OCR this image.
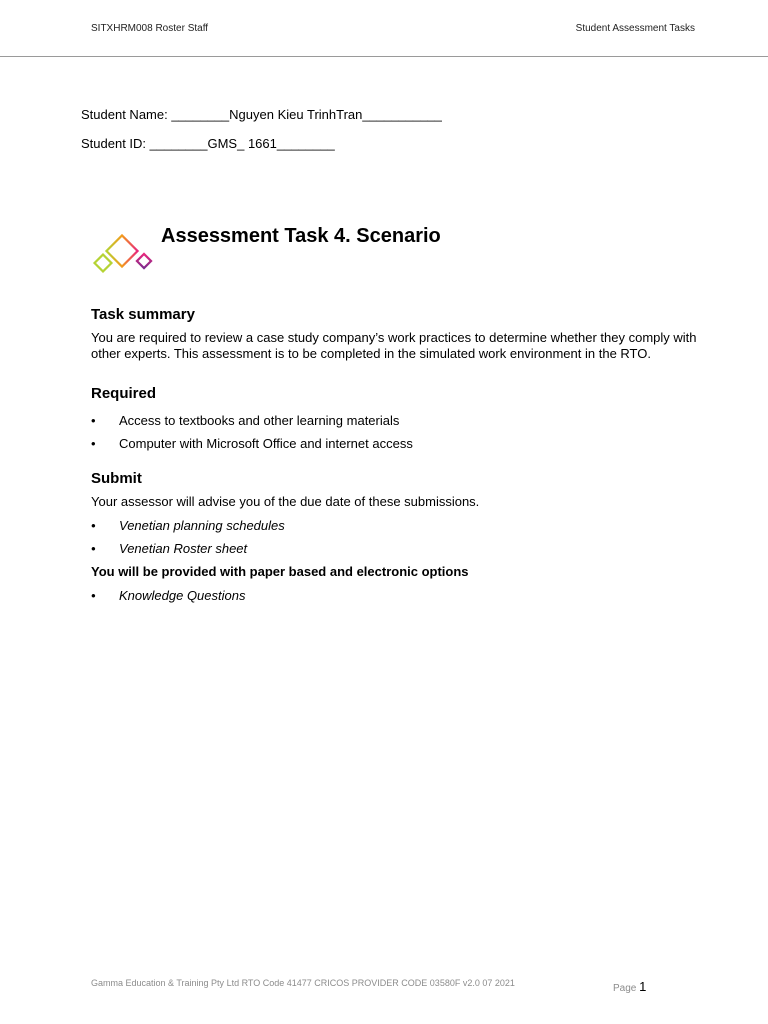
SITXHRM008 Roster Staff	Student Assessment Tasks
Student Name: ________Nguyen Kieu TrinhTran___________
Student ID: ________GMS_ 1661________
Assessment Task 4. Scenario
Task summary

You are required to review a case study company’s work practices to determine whether they comply with other experts. This assessment is to be completed in the simulated work environment in the RTO.

Required
• Access to textbooks and other learning materials
• Computer with Microsoft Office and internet access
Submit

Your assessor will advise you of the due date of these submissions.

• Venetian planning schedules
• Venetian Roster sheet

You will be provided with paper based and electronic options

• Knowledge Questions
Gamma Education & Training Pty Ltd RTO Code 41477 CRICOS PROVIDER CODE 03580F v2.0 07 2021	Page 1
